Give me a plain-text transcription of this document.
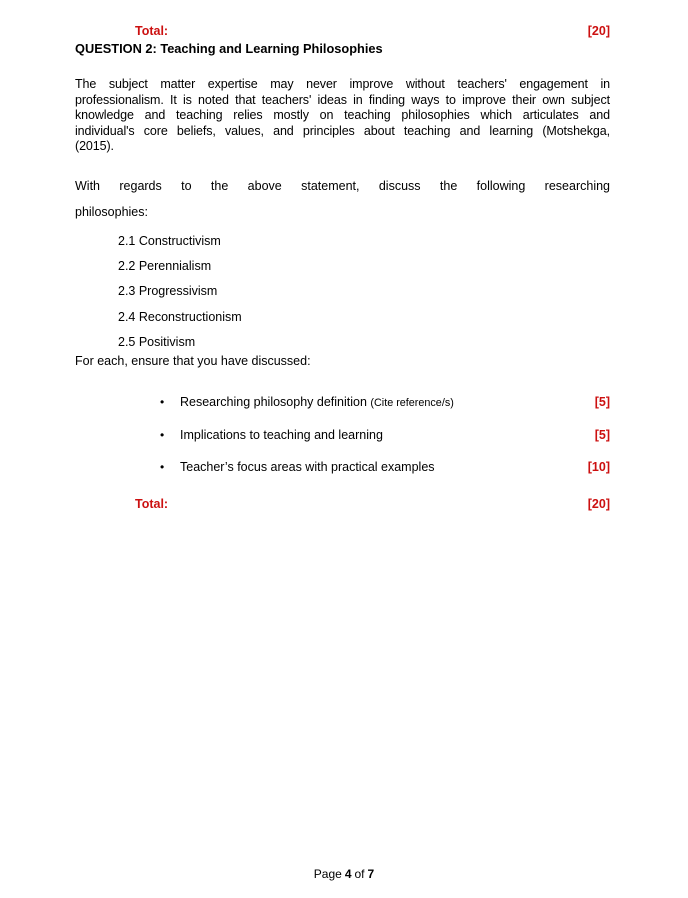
Total:	[20]
QUESTION 2: Teaching and Learning Philosophies
The subject matter expertise may never improve without teachers' engagement in
professionalism. It is noted that teachers' ideas in finding ways to improve their own subject
knowledge and teaching relies mostly on teaching philosophies which articulates and
individual's core beliefs, values, and principles about teaching and learning (Motshekga,
(2015).
With regards to the above statement, discuss the following researching
philosophies:
2.1 Constructivism
2.2 Perennialism
2.3 Progressivism
2.4 Reconstructionism
2.5 Positivism
For each, ensure that you have discussed:
•	Researching philosophy definition (Cite reference/s)	[5]
•	Implications to teaching and learning	[5]
•	Teacher’s focus areas with practical examples	[10]
Total:	[20]
Page 4 of 7
